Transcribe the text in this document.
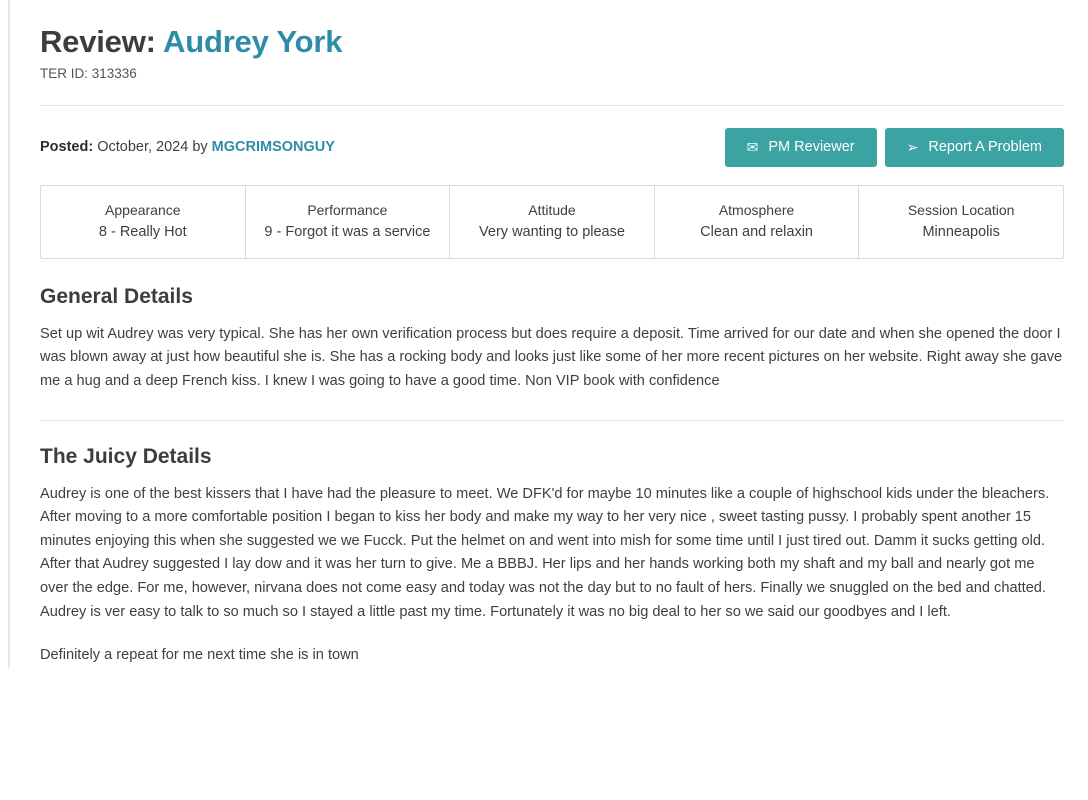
Review: Audrey York
TER ID: 313336
Posted: October, 2024 by MGCRIMSONGUY	✉ PM Reviewer	➢ Report A Problem
Appearance
8 - Really Hot
Performance
9 - Forgot it was a service
Attitude
Very wanting to please
Atmosphere
Clean and relaxin
Session Location
Minneapolis
General Details

Set up wit Audrey was very typical. She has her own verification process but does require a deposit. Time arrived for our date and when she opened the door I was blown away at just how beautiful she is. She has a rocking body and looks just like some of her more recent pictures on her website. Right away she gave me a hug and a deep French kiss. I knew I was going to have a good time. Non VIP book with confidence

The Juicy Details

Audrey is one of the best kissers that I have had the pleasure to meet. We DFK'd for maybe 10 minutes like a couple of highschool kids under the bleachers. After moving to a more comfortable position I began to kiss her body and make my way to her very nice , sweet tasting pussy. I probably spent another 15 minutes enjoying this when she suggested we we Fucck. Put the helmet on and went into mish for some time until I just tired out. Damm it sucks getting old. After that Audrey suggested I lay dow and it was her turn to give. Me a BBBJ. Her lips and her hands working both my shaft and my ball and nearly got me over the edge. For me, however, nirvana does not come easy and today was not the day but to no fault of hers. Finally we snuggled on the bed and chatted. Audrey is ver easy to talk to so much so I stayed a little past my time. Fortunately it was no big deal to her so we said our goodbyes and I left.

Definitely a repeat for me next time she is in town
